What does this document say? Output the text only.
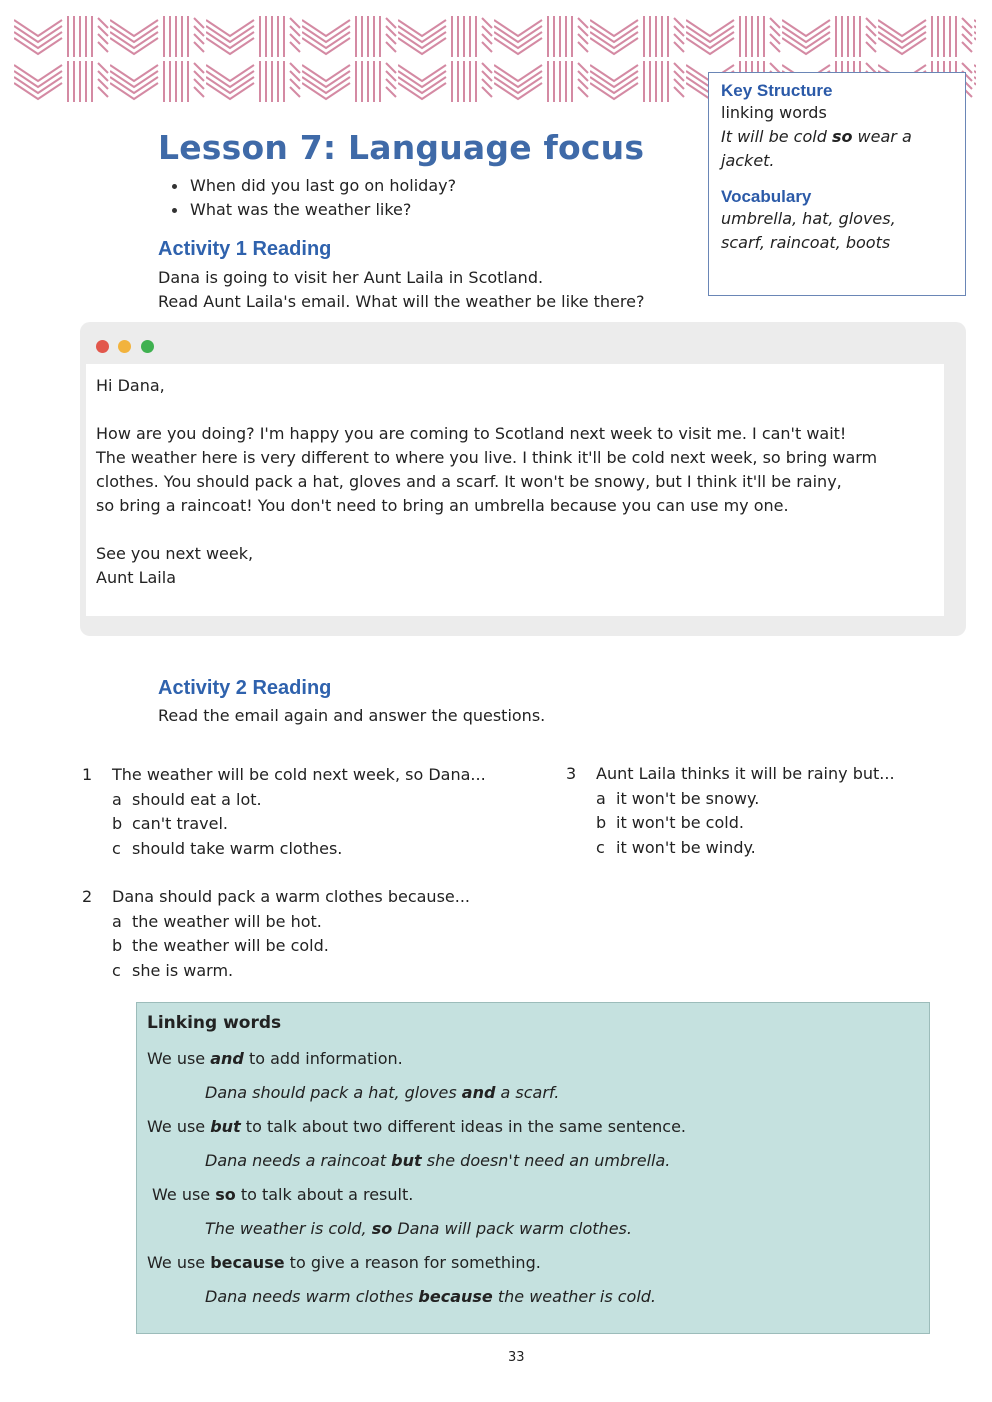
Key Structure
linking words
It will be cold so wear a
jacket.
Vocabulary
umbrella, hat, gloves,
scarf, raincoat, boots
Lesson 7: Language focus
When did you last go on holiday?
What was the weather like?
Activity 1 Reading
Dana is going to visit her Aunt Laila in Scotland.
Read Aunt Laila's email. What will the weather be like there?

Hi Dana,

How are you doing? I'm happy you are coming to Scotland next week to visit me. I can't wait!
The weather here is very different to where you live. I think it'll be cold next week, so bring warm
clothes. You should pack a hat, gloves and a scarf. It won't be snowy, but I think it'll be rainy,
so bring a raincoat! You don't need to bring an umbrella because you can use my one.

See you next week,
Aunt Laila

Activity 2 Reading
Read the email again and answer the questions.
1	The weather will be cold next week, so Dana...
a should eat a lot.
b can't travel.
c should take warm clothes.
2	Dana should pack a warm clothes because...
a the weather will be hot.
b the weather will be cold.
c she is warm.
3	Aunt Laila thinks it will be rainy but...
a it won't be snowy.
b it won't be cold.
c it won't be windy.
Linking words
We use and to add information.
Dana should pack a hat, gloves and a scarf.
We use but to talk about two different ideas in the same sentence.
Dana needs a raincoat but she doesn't need an umbrella.
We use so to talk about a result.
The weather is cold, so Dana will pack warm clothes.
We use because to give a reason for something.
Dana needs warm clothes because the weather is cold.
33
